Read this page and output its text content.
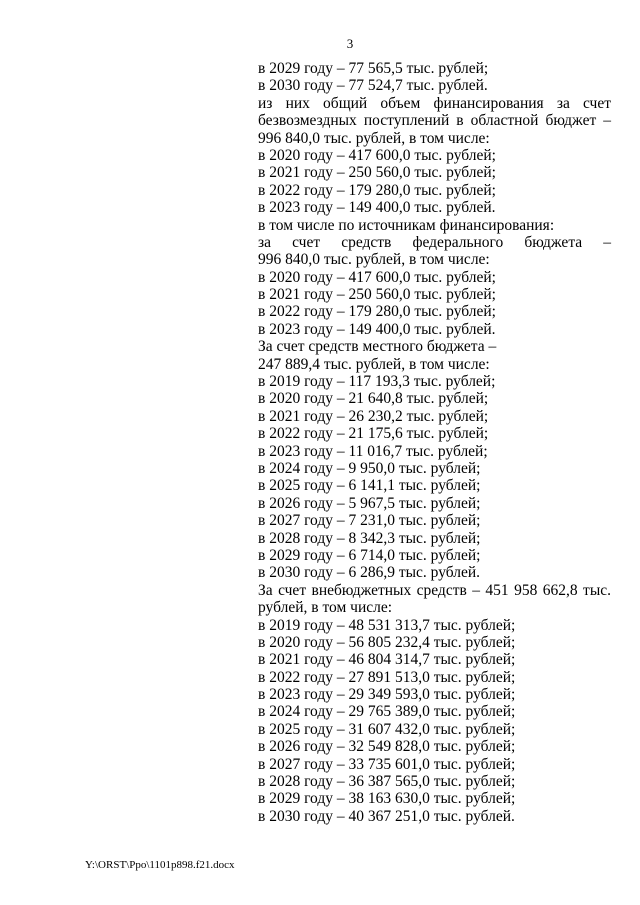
3
в 2029 году – 77 565,5 тыс. рублей;
в 2030 году – 77 524,7 тыс. рублей.
из них общий объем финансирования за счет
безвозмездных поступлений в областной бюджет –
996 840,0 тыс. рублей, в том числе:
в 2020 году – 417 600,0 тыс. рублей;
в 2021 году – 250 560,0 тыс. рублей;
в 2022 году – 179 280,0 тыс. рублей;
в 2023 году – 149 400,0 тыс. рублей.
в том числе по источникам финансирования:
за счет средств федерального бюджета –
996 840,0 тыс. рублей, в том числе:
в 2020 году – 417 600,0 тыс. рублей;
в 2021 году – 250 560,0 тыс. рублей;
в 2022 году – 179 280,0 тыс. рублей;
в 2023 году – 149 400,0 тыс. рублей.
За счет средств местного бюджета –
247 889,4 тыс. рублей, в том числе:
в 2019 году – 117 193,3 тыс. рублей;
в 2020 году – 21 640,8 тыс. рублей;
в 2021 году – 26 230,2 тыс. рублей;
в 2022 году – 21 175,6 тыс. рублей;
в 2023 году – 11 016,7 тыс. рублей;
в 2024 году – 9 950,0 тыс. рублей;
в 2025 году – 6 141,1 тыс. рублей;
в 2026 году – 5 967,5 тыс. рублей;
в 2027 году – 7 231,0 тыс. рублей;
в 2028 году – 8 342,3 тыс. рублей;
в 2029 году – 6 714,0 тыс. рублей;
в 2030 году – 6 286,9 тыс. рублей.
За счет внебюджетных средств – 451 958 662,8 тыс.
рублей, в том числе:
в 2019 году – 48 531 313,7 тыс. рублей;
в 2020 году – 56 805 232,4 тыс. рублей;
в 2021 году – 46 804 314,7 тыс. рублей;
в 2022 году – 27 891 513,0 тыс. рублей;
в 2023 году – 29 349 593,0 тыс. рублей;
в 2024 году – 29 765 389,0 тыс. рублей;
в 2025 году – 31 607 432,0 тыс. рублей;
в 2026 году – 32 549 828,0 тыс. рублей;
в 2027 году – 33 735 601,0 тыс. рублей;
в 2028 году – 36 387 565,0 тыс. рублей;
в 2029 году – 38 163 630,0 тыс. рублей;
в 2030 году – 40 367 251,0 тыс. рублей.
Y:\ORST\Ppo\1101p898.f21.docx
